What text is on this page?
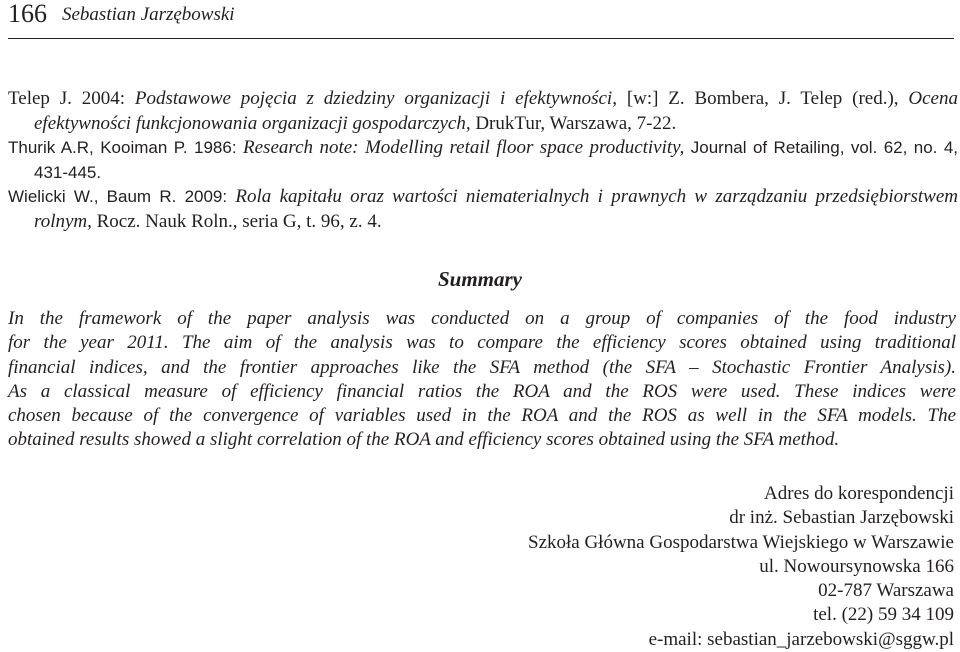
166 Sebastian Jarzębowski
Telep J. 2004: Podstawowe pojęcia z dziedziny organizacji i efektywności, [w:] Z. Bombera, J. Telep (red.), Ocena efektywności funkcjonowania organizacji gospodarczych, DrukTur, Warszawa, 7-22.
Thurik A.R, Kooiman P. 1986: Research note: Modelling retail floor space productivity, Journal of Retailing, vol. 62, no. 4, 431-445.
Wielicki W., Baum R. 2009: Rola kapitału oraz wartości niematerialnych i prawnych w zarządzaniu przedsiębiorstwem rolnym, Rocz. Nauk Roln., seria G, t. 96, z. 4.
Summary
In the framework of the paper analysis was conducted on a group of companies of the food industry
for the year 2011. The aim of the analysis was to compare the efficiency scores obtained using traditional
financial indices, and the frontier approaches like the SFA method (the SFA – Stochastic Frontier Analysis).
As a classical measure of efficiency financial ratios the ROA and the ROS were used. These indices were
chosen because of the convergence of variables used in the ROA and the ROS as well in the SFA models. The
obtained results showed a slight correlation of the ROA and efficiency scores obtained using the SFA method.
Adres do korespondencji
dr inż. Sebastian Jarzębowski
Szkoła Główna Gospodarstwa Wiejskiego w Warszawie
ul. Nowoursynowska 166
02-787 Warszawa
tel. (22) 59 34 109
e-mail: sebastian_jarzebowski@sggw.pl
